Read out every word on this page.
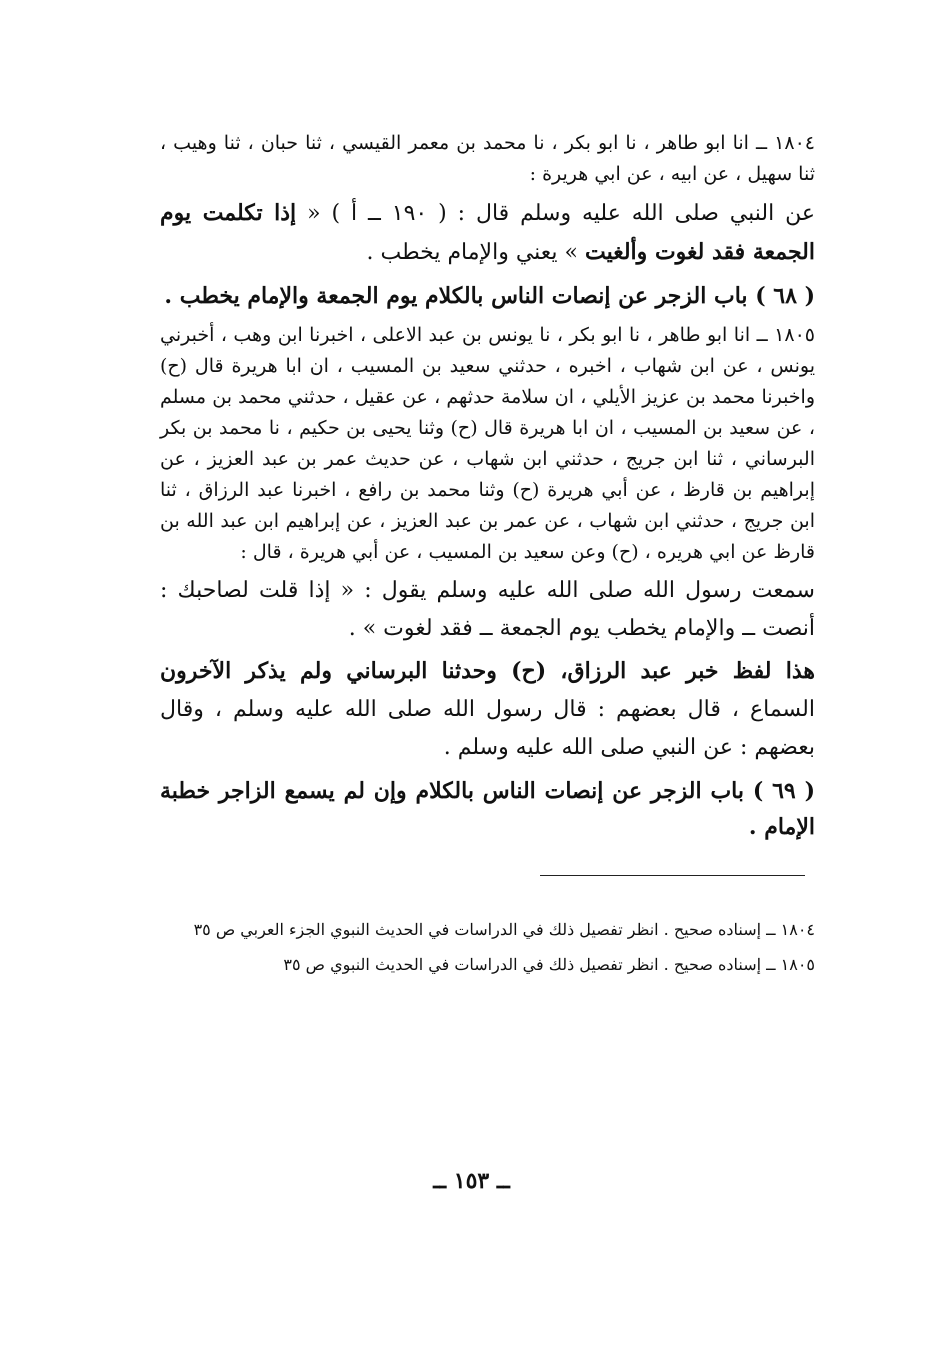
١٨٠٤ ــ انا ابو طاهر ، نا ابو بكر ، نا محمد بن معمر القيسي ، ثنا حبان ، ثنا وهيب ، ثنا سهيل ، عن ابيه ، عن ابي هريرة :

عن النبي صلى الله عليه وسلم قال : ( ١٩٠ ــ أ ) « إذا تكلمت يوم الجمعة فقد لغوت وألغيت » يعني والإمام يخطب .

( ٦٨ ) باب الزجر عن إنصات الناس بالكلام يوم الجمعة والإمام يخطب .

١٨٠٥ ــ انا ابو طاهر ، نا ابو بكر ، نا يونس بن عبد الاعلى ، اخبرنا ابن وهب ، أخبرني يونس ، عن ابن شهاب ، اخبره ، حدثني سعيد بن المسيب ، ان ابا هريرة قال (ح) واخبرنا محمد بن عزيز الأيلي ، ان سلامة حدثهم ، عن عقيل ، حدثني محمد بن مسلم ، عن سعيد بن المسيب ، ان ابا هريرة قال (ح) وثنا يحيى بن حكيم ، نا محمد بن بكر البرساني ، ثنا ابن جريج ، حدثني ابن شهاب ، عن حديث عمر بن عبد العزيز ، عن إبراهيم بن قارظ ، عن أبي هريرة (ح) وثنا محمد بن رافع ، اخبرنا عبد الرزاق ، ثنا ابن جريج ، حدثني ابن شهاب ، عن عمر بن عبد العزيز ، عن إبراهيم ابن عبد الله بن قارظ عن ابي هريره ، (ح) وعن سعيد بن المسيب ، عن أبي هريرة ، قال :

سمعت رسول الله صلى الله عليه وسلم يقول : « إذا قلت لصاحبك : أنصت ــ والإمام يخطب يوم الجمعة ــ فقد لغوت » .

هذا لفظ خبر عبد الرزاق، (ح) وحدثنا البرساني ولم يذكر الآخرون السماع ، قال بعضهم : قال رسول الله صلى الله عليه وسلم ، وقال بعضهم : عن النبي صلى الله عليه وسلم .

( ٦٩ ) باب الزجر عن إنصات الناس بالكلام وإن لم يسمع الزاجر خطبة الإمام .

١٨٠٤ ــ إسناده صحيح . انظر تفصيل ذلك في الدراسات في الحديث النبوي الجزء العربي ص ٣٥

١٨٠٥ ــ إسناده صحيح . انظر تفصيل ذلك في الدراسات في الحديث النبوي ص ٣٥

ــ ١٥٣ ــ
